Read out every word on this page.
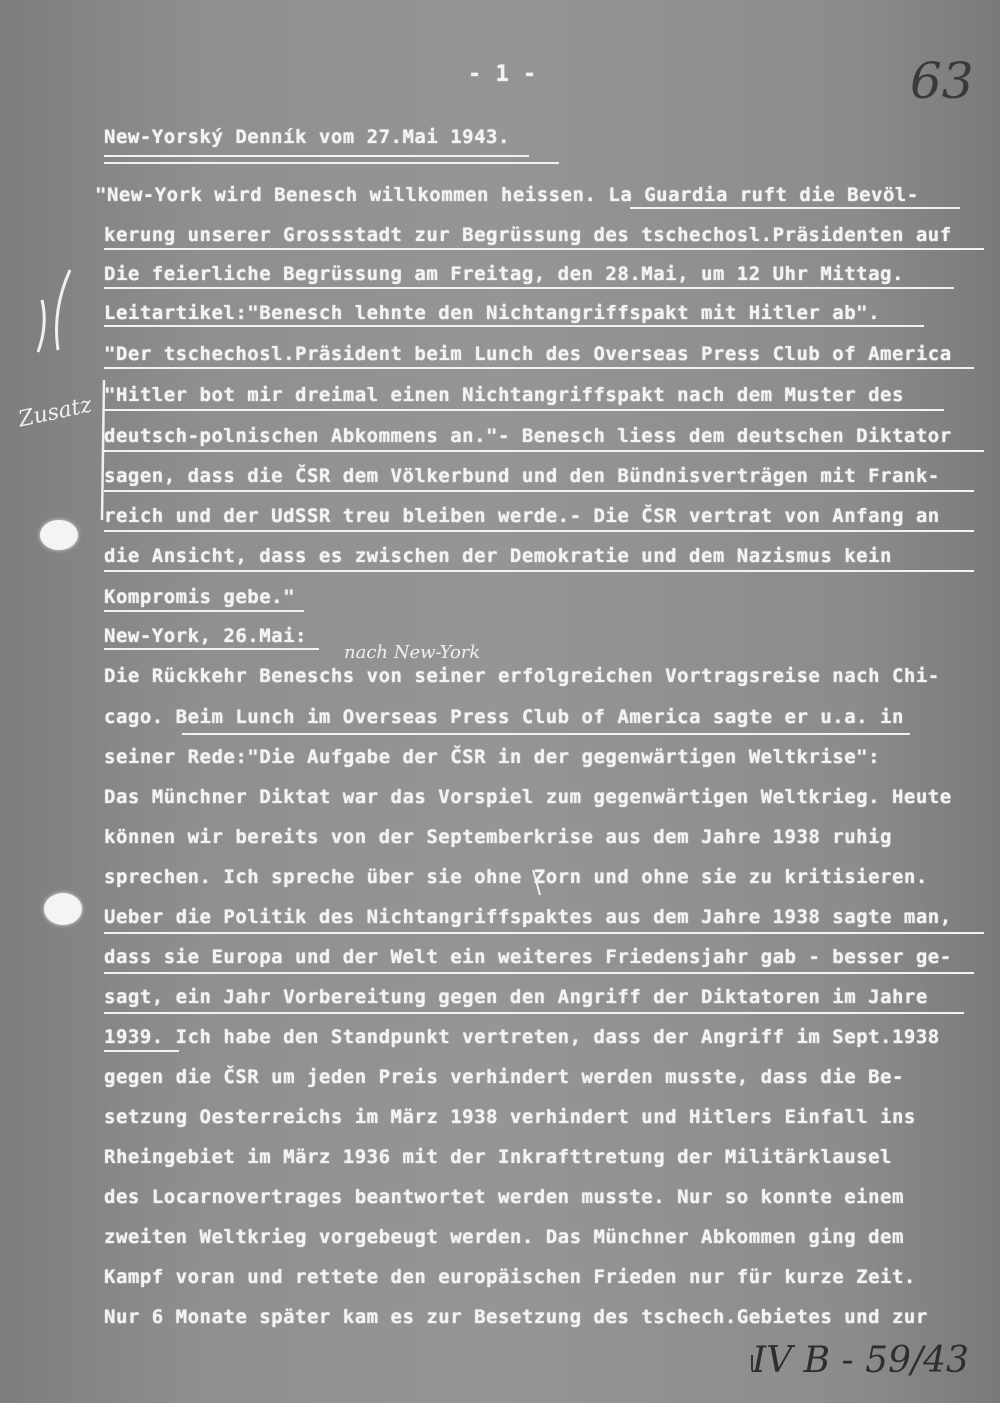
- 1 -	63
Zusatz
nach New-York
IV B - 59/43

New-Yorský Denník vom 27.Mai 1943.

"New-York wird Benesch willkommen heissen. La Guardia ruft die Bevöl-

kerung unserer Grossstadt zur Begrüssung des tschechosl.Präsidenten auf

Die feierliche Begrüssung am Freitag, den 28.Mai, um 12 Uhr Mittag.

Leitartikel:"Benesch lehnte den Nichtangriffspakt mit Hitler ab".

"Der tschechosl.Präsident beim Lunch des Overseas Press Club of America

"Hitler bot mir dreimal einen Nichtangriffspakt nach dem Muster des

deutsch-polnischen Abkommens an."- Benesch liess dem deutschen Diktator

sagen, dass die ČSR dem Völkerbund und den Bündnisverträgen mit Frank-

reich und der UdSSR treu bleiben werde.- Die ČSR vertrat von Anfang an

die Ansicht, dass es zwischen der Demokratie und dem Nazismus kein

Kompromis gebe."

New-York, 26.Mai:

Die Rückkehr Beneschs von seiner erfolgreichen Vortragsreise nach Chi-

cago. Beim Lunch im Overseas Press Club of America sagte er u.a. in

seiner Rede:"Die Aufgabe der ČSR in der gegenwärtigen Weltkrise":

Das Münchner Diktat war das Vorspiel zum gegenwärtigen Weltkrieg. Heute

können wir bereits von der Septemberkrise aus dem Jahre 1938 ruhig

sprechen. Ich spreche über sie ohne Zorn und ohne sie zu kritisieren.

Ueber die Politik des Nichtangriffspaktes aus dem Jahre 1938 sagte man,

dass sie Europa und der Welt ein weiteres Friedensjahr gab - besser ge-

sagt, ein Jahr Vorbereitung gegen den Angriff der Diktatoren im Jahre

1939. Ich habe den Standpunkt vertreten, dass der Angriff im Sept.1938

gegen die ČSR um jeden Preis verhindert werden musste, dass die Be-

setzung Oesterreichs im März 1938 verhindert und Hitlers Einfall ins

Rheingebiet im März 1936 mit der Inkrafttretung der Militärklausel

des Locarnovertrages beantwortet werden musste. Nur so konnte einem

zweiten Weltkrieg vorgebeugt werden. Das Münchner Abkommen ging dem

Kampf voran und rettete den europäischen Frieden nur für kurze Zeit.

Nur 6 Monate später kam es zur Besetzung des tschech.Gebietes und zur
